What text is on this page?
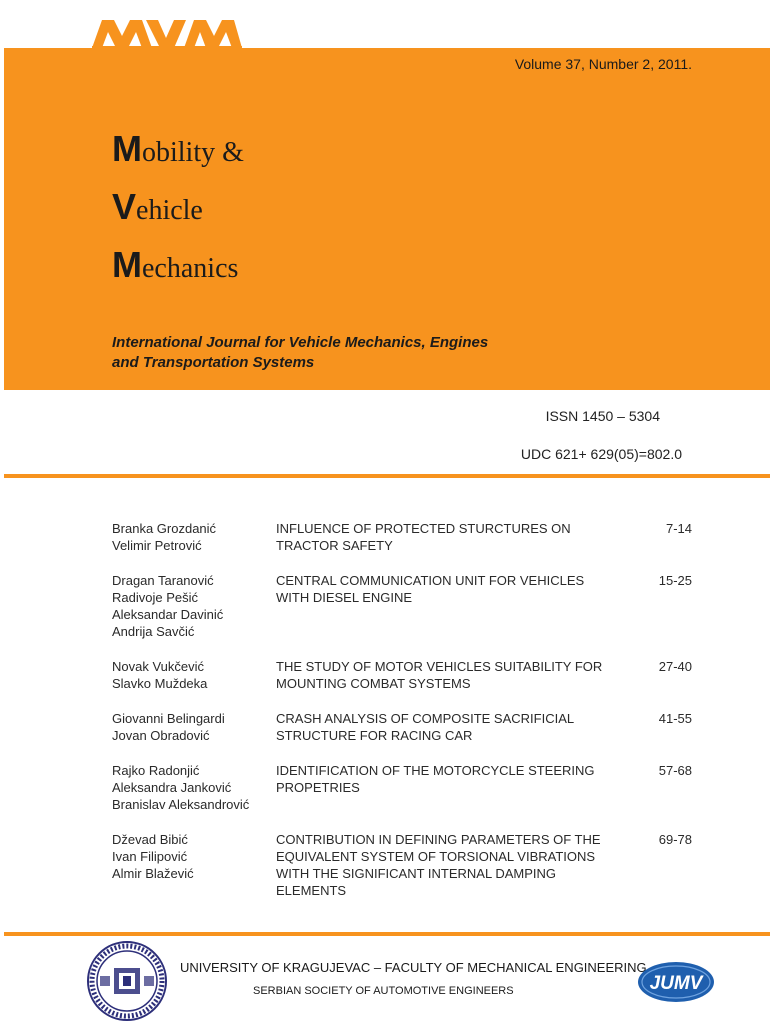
Volume 37, Number 2, 2011.
Mobility &
Vehicle
Mechanics
International Journal for Vehicle Mechanics, Engines
and Transportation Systems
ISSN 1450 – 5304
UDC 621+ 629(05)=802.0
Branka Grozdanić
Velimir Petrović
INFLUENCE OF PROTECTED STURCTURES ON
TRACTOR SAFETY
7-14
Dragan Taranović
Radivoje Pešić
Aleksandar Davinić
Andrija Savčić
CENTRAL COMMUNICATION UNIT FOR VEHICLES
WITH DIESEL ENGINE
15-25
Novak Vukčević
Slavko Muždeka
THE STUDY OF MOTOR VEHICLES SUITABILITY FOR
MOUNTING COMBAT SYSTEMS
27-40
Giovanni Belingardi
Jovan Obradović
CRASH ANALYSIS OF COMPOSITE SACRIFICIAL
STRUCTURE FOR RACING CAR
41-55
Rajko Radonjić
Aleksandra Janković
Branislav Aleksandrović
IDENTIFICATION OF THE MOTORCYCLE STEERING
PROPETRIES
57-68
Dževad Bibić
Ivan Filipović
Almir Blažević
CONTRIBUTION IN DEFINING PARAMETERS OF THE
EQUIVALENT SYSTEM OF TORSIONAL VIBRATIONS
WITH THE SIGNIFICANT INTERNAL DAMPING
ELEMENTS
69-78
UNIVERSITY OF KRAGUJEVAC – FACULTY OF MECHANICAL ENGINEERING
SERBIAN SOCIETY OF AUTOMOTIVE ENGINEERS	JUMV
